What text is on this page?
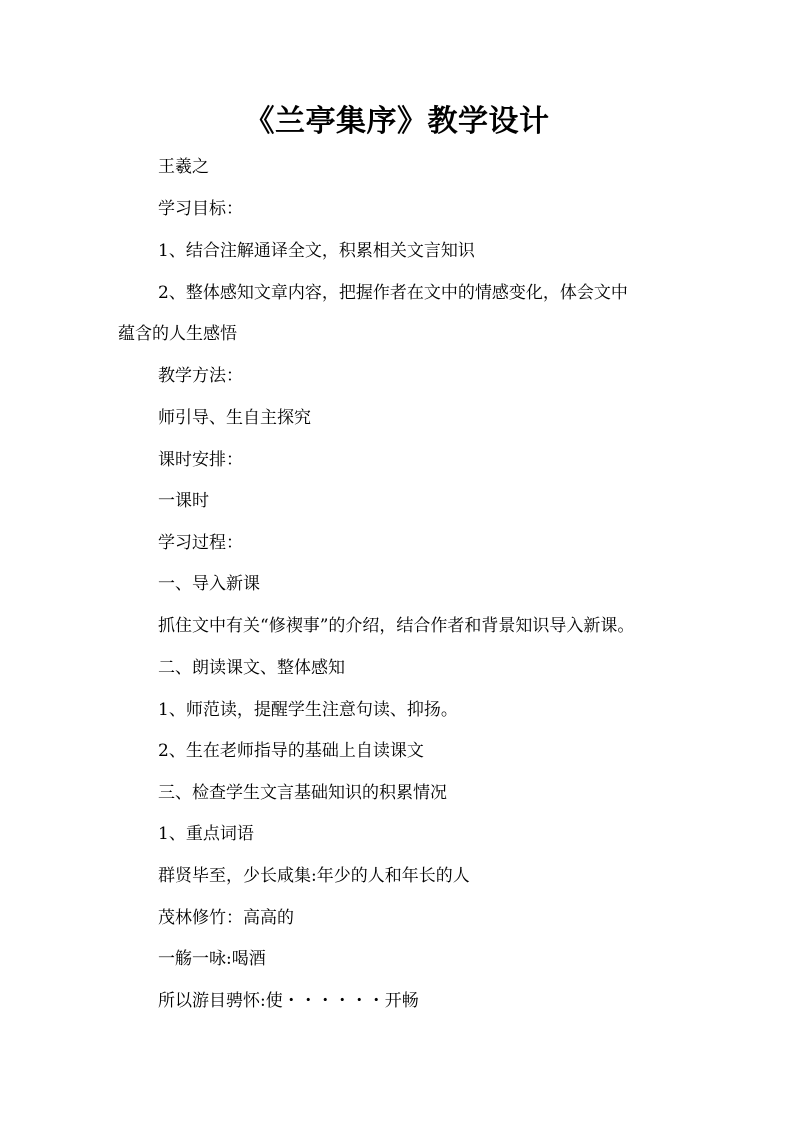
《兰亭集序》教学设计
王羲之
学习目标：
1、结合注解通译全文，积累相关文言知识
2、整体感知文章内容，把握作者在文中的情感变化，体会文中
蕴含的人生感悟
教学方法：
师引导、生自主探究
课时安排：
一课时
学习过程：
一、导入新课
抓住文中有关“修禊事”的介绍，结合作者和背景知识导入新课。
二、朗读课文、整体感知
1、师范读，提醒学生注意句读、抑扬。
2、生在老师指导的基础上自读课文
三、检查学生文言基础知识的积累情况
1、重点词语
群贤毕至，少长咸集:年少的人和年长的人
茂林修竹：高高的
一觞一咏:喝酒
所以游目骋怀:使・・・・・・开畅
